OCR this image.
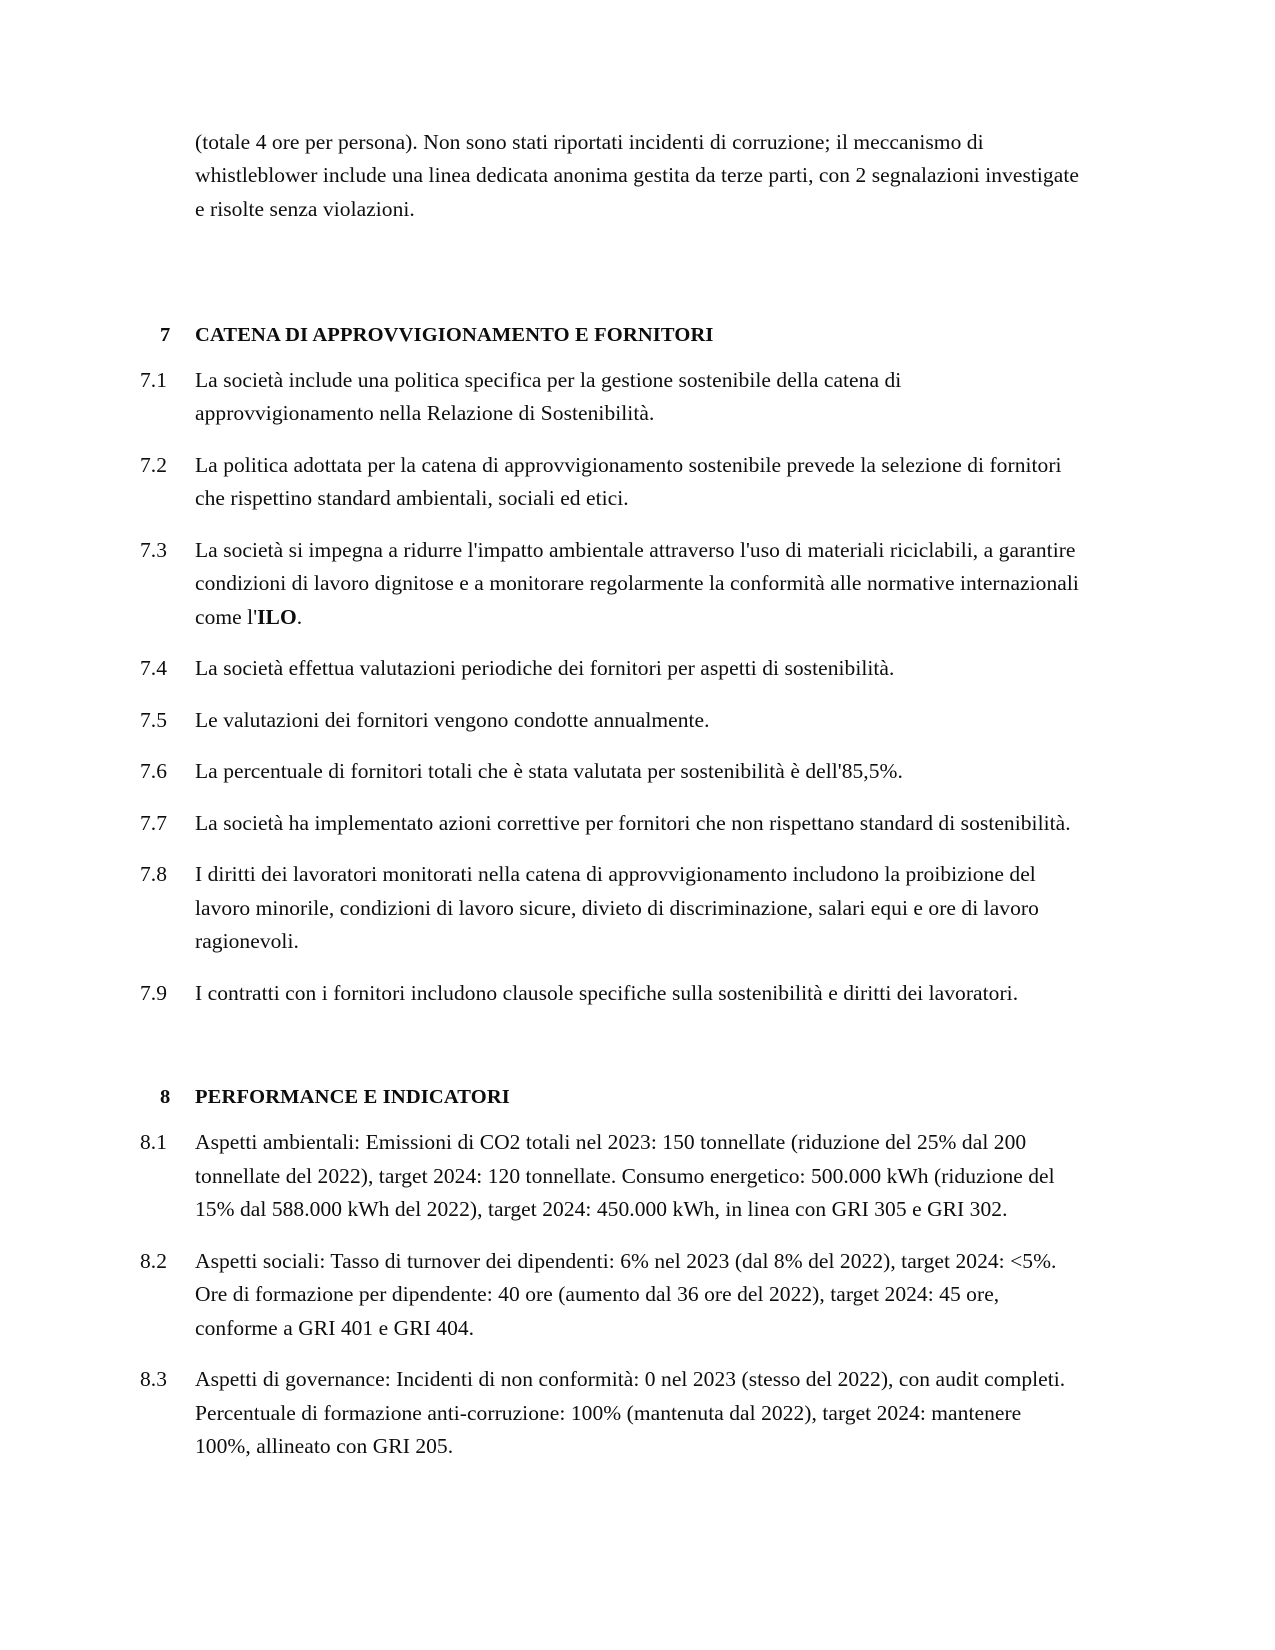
(totale 4 ore per persona). Non sono stati riportati incidenti di corruzione; il meccanismo di whistleblower include una linea dedicata anonima gestita da terze parti, con 2 segnalazioni investigate e risolte senza violazioni.

7	CATENA DI APPROVVIGIONAMENTO E FORNITORI
7.1	La società include una politica specifica per la gestione sostenibile della catena di approvvigionamento nella Relazione di Sostenibilità.
7.2	La politica adottata per la catena di approvvigionamento sostenibile prevede la selezione di fornitori che rispettino standard ambientali, sociali ed etici.
7.3	La società si impegna a ridurre l'impatto ambientale attraverso l'uso di materiali riciclabili, a garantire condizioni di lavoro dignitose e a monitorare regolarmente la conformità alle normative internazionali come l'ILO.
7.4	La società effettua valutazioni periodiche dei fornitori per aspetti di sostenibilità.
7.5	Le valutazioni dei fornitori vengono condotte annualmente.
7.6	La percentuale di fornitori totali che è stata valutata per sostenibilità è dell'85,5%.
7.7	La società ha implementato azioni correttive per fornitori che non rispettano standard di sostenibilità.
7.8	I diritti dei lavoratori monitorati nella catena di approvvigionamento includono la proibizione del lavoro minorile, condizioni di lavoro sicure, divieto di discriminazione, salari equi e ore di lavoro ragionevoli.
7.9	I contratti con i fornitori includono clausole specifiche sulla sostenibilità e diritti dei lavoratori.
8	PERFORMANCE E INDICATORI
8.1	Aspetti ambientali: Emissioni di CO2 totali nel 2023: 150 tonnellate (riduzione del 25% dal 200 tonnellate del 2022), target 2024: 120 tonnellate. Consumo energetico: 500.000 kWh (riduzione del 15% dal 588.000 kWh del 2022), target 2024: 450.000 kWh, in linea con GRI 305 e GRI 302.
8.2	Aspetti sociali: Tasso di turnover dei dipendenti: 6% nel 2023 (dal 8% del 2022), target 2024: <5%. Ore di formazione per dipendente: 40 ore (aumento dal 36 ore del 2022), target 2024: 45 ore, conforme a GRI 401 e GRI 404.
8.3	Aspetti di governance: Incidenti di non conformità: 0 nel 2023 (stesso del 2022), con audit completi. Percentuale di formazione anti-corruzione: 100% (mantenuta dal 2022), target 2024: mantenere 100%, allineato con GRI 205.
